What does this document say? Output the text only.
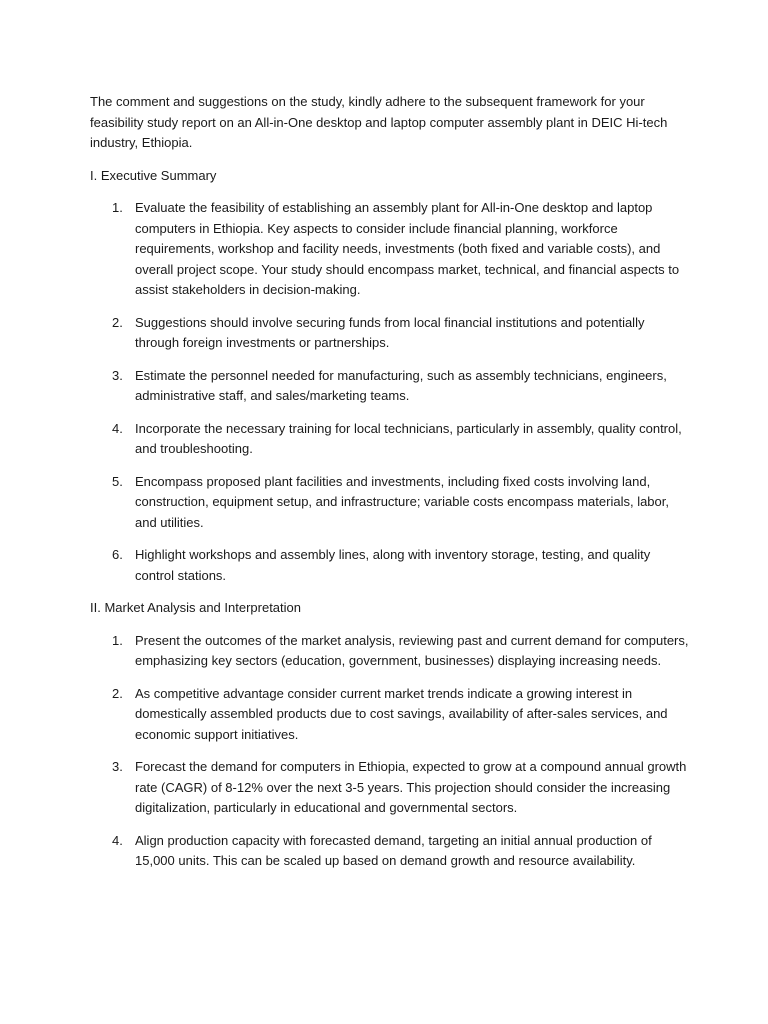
The comment and suggestions on the study, kindly adhere to the subsequent framework for your feasibility study report on an All-in-One desktop and laptop computer assembly plant in DEIC Hi-tech industry, Ethiopia.

I. Executive Summary

1. Evaluate the feasibility of establishing an assembly plant for All-in-One desktop and laptop computers in Ethiopia. Key aspects to consider include financial planning, workforce requirements, workshop and facility needs, investments (both fixed and variable costs), and overall project scope. Your study should encompass market, technical, and financial aspects to assist stakeholders in decision-making.
2. Suggestions should involve securing funds from local financial institutions and potentially through foreign investments or partnerships.
3. Estimate the personnel needed for manufacturing, such as assembly technicians, engineers, administrative staff, and sales/marketing teams.
4. Incorporate the necessary training for local technicians, particularly in assembly, quality control, and troubleshooting.
5. Encompass proposed plant facilities and investments, including fixed costs involving land, construction, equipment setup, and infrastructure; variable costs encompass materials, labor, and utilities.
6. Highlight workshops and assembly lines, along with inventory storage, testing, and quality control stations.

II. Market Analysis and Interpretation

1. Present the outcomes of the market analysis, reviewing past and current demand for computers, emphasizing key sectors (education, government, businesses) displaying increasing needs.
2. As competitive advantage consider current market trends indicate a growing interest in domestically assembled products due to cost savings, availability of after-sales services, and economic support initiatives.
3. Forecast the demand for computers in Ethiopia, expected to grow at a compound annual growth rate (CAGR) of 8-12% over the next 3-5 years. This projection should consider the increasing digitalization, particularly in educational and governmental sectors.
4. Align production capacity with forecasted demand, targeting an initial annual production of 15,000 units. This can be scaled up based on demand growth and resource availability.
